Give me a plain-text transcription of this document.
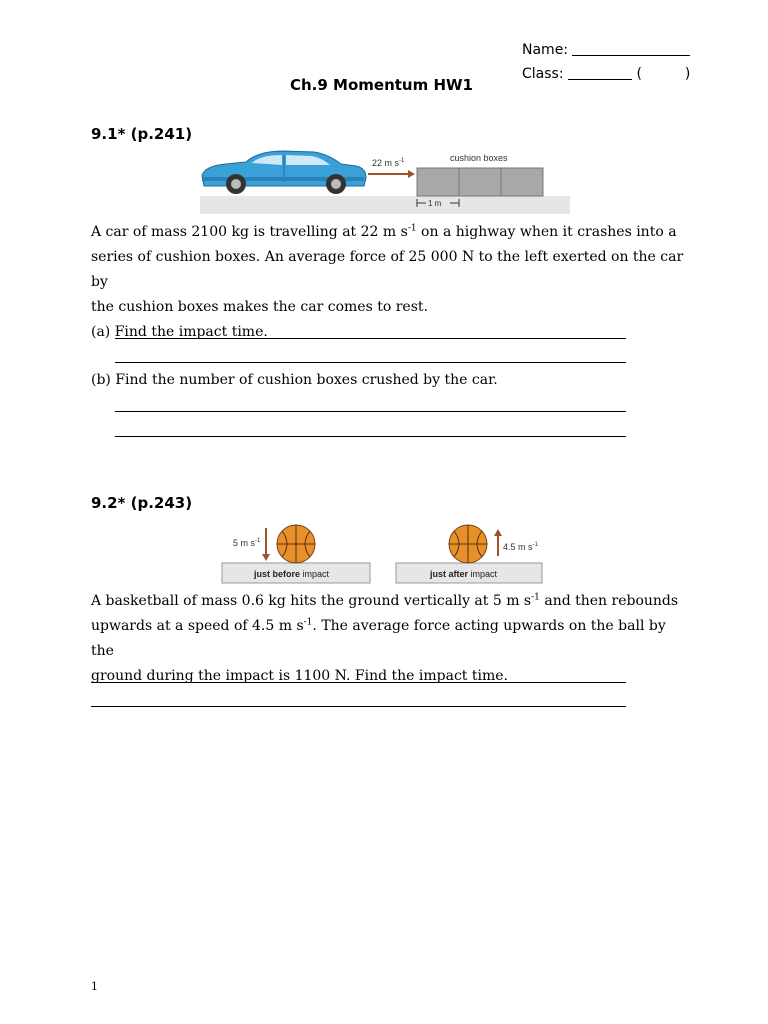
Name:
Class:	(	)
Ch.9 Momentum HW1
9.1* (p.241)
22 m $s^{-1}$	cushion boxes
1 m

A car of mass 2100 kg is travelling at 22 m $s^{-1}$ on a highway when it crashes into a

series of cushion boxes. An average force of 25 000 N to the left exerted on the car by

the cushion boxes makes the car comes to rest.

(a) Find the impact time.

(b) Find the number of cushion boxes crushed by the car.
9.2* (p.243)
just before impact
5 m $s^{-1}$
just after impact
4.5 m $s^{-1}$

A basketball of mass 0.6 kg hits the ground vertically at 5 m $s^{-1}$ and then rebounds

upwards at a speed of 4.5 m $s^{-1}$. The average force acting upwards on the ball by the

ground during the impact is 1100 N. Find the impact time.

1
